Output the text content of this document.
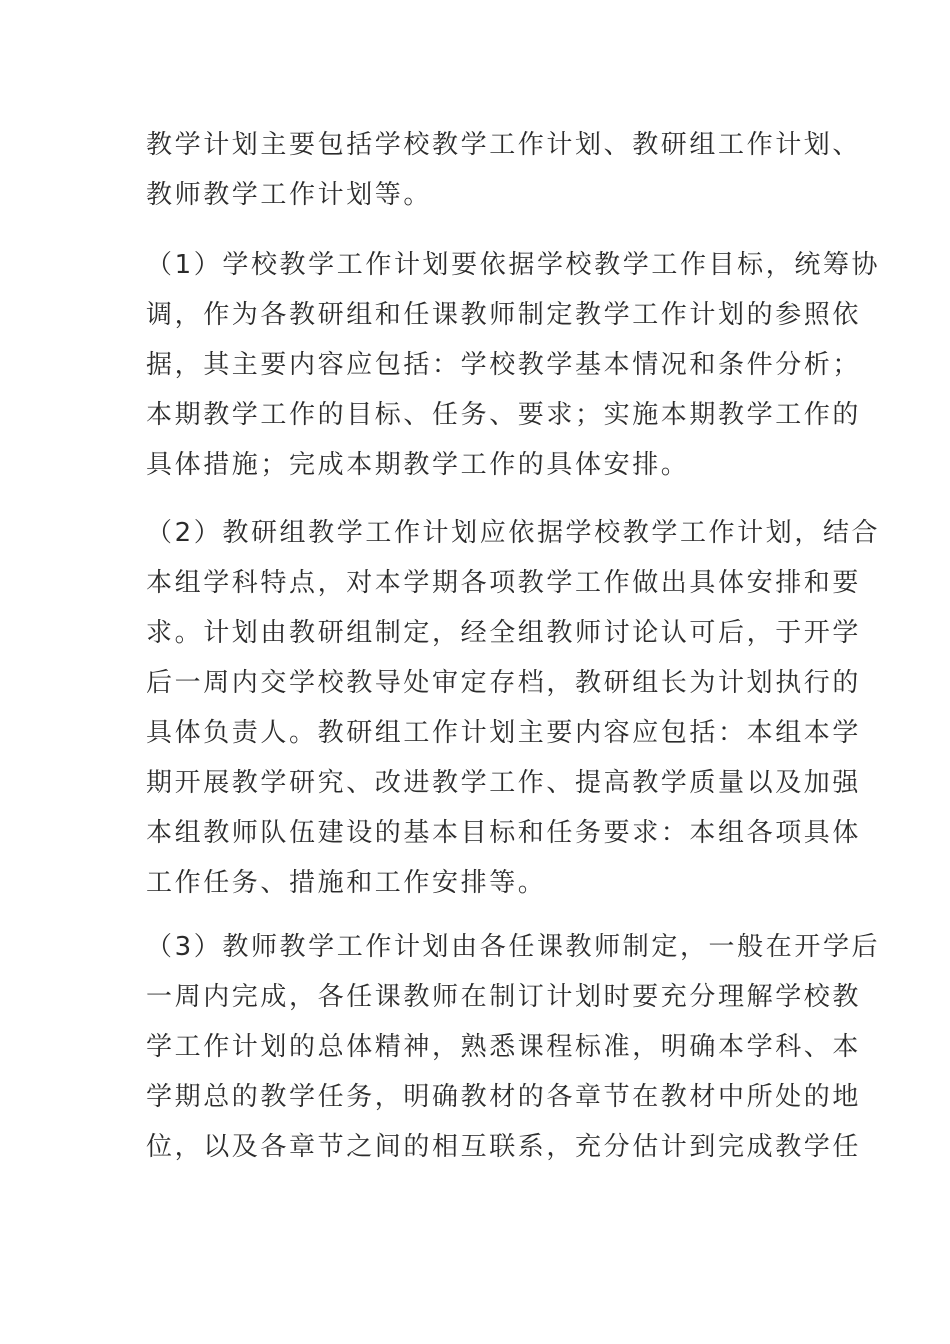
教学计划主要包括学校教学工作计划、教研组工作计划、
教师教学工作计划等。
（1）学校教学工作计划要依据学校教学工作目标，统筹协
调，作为各教研组和任课教师制定教学工作计划的参照依
据，其主要内容应包括：学校教学基本情况和条件分析；
本期教学工作的目标、任务、要求；实施本期教学工作的
具体措施；完成本期教学工作的具体安排。
（2）教研组教学工作计划应依据学校教学工作计划，结合
本组学科特点，对本学期各项教学工作做出具体安排和要
求。计划由教研组制定，经全组教师讨论认可后，于开学
后一周内交学校教导处审定存档，教研组长为计划执行的
具体负责人。教研组工作计划主要内容应包括：本组本学
期开展教学研究、改进教学工作、提高教学质量以及加强
本组教师队伍建设的基本目标和任务要求：本组各项具体
工作任务、措施和工作安排等。
（3）教师教学工作计划由各任课教师制定，一般在开学后
一周内完成，各任课教师在制订计划时要充分理解学校教
学工作计划的总体精神，熟悉课程标准，明确本学科、本
学期总的教学任务，明确教材的各章节在教材中所处的地
位，以及各章节之间的相互联系，充分估计到完成教学任
